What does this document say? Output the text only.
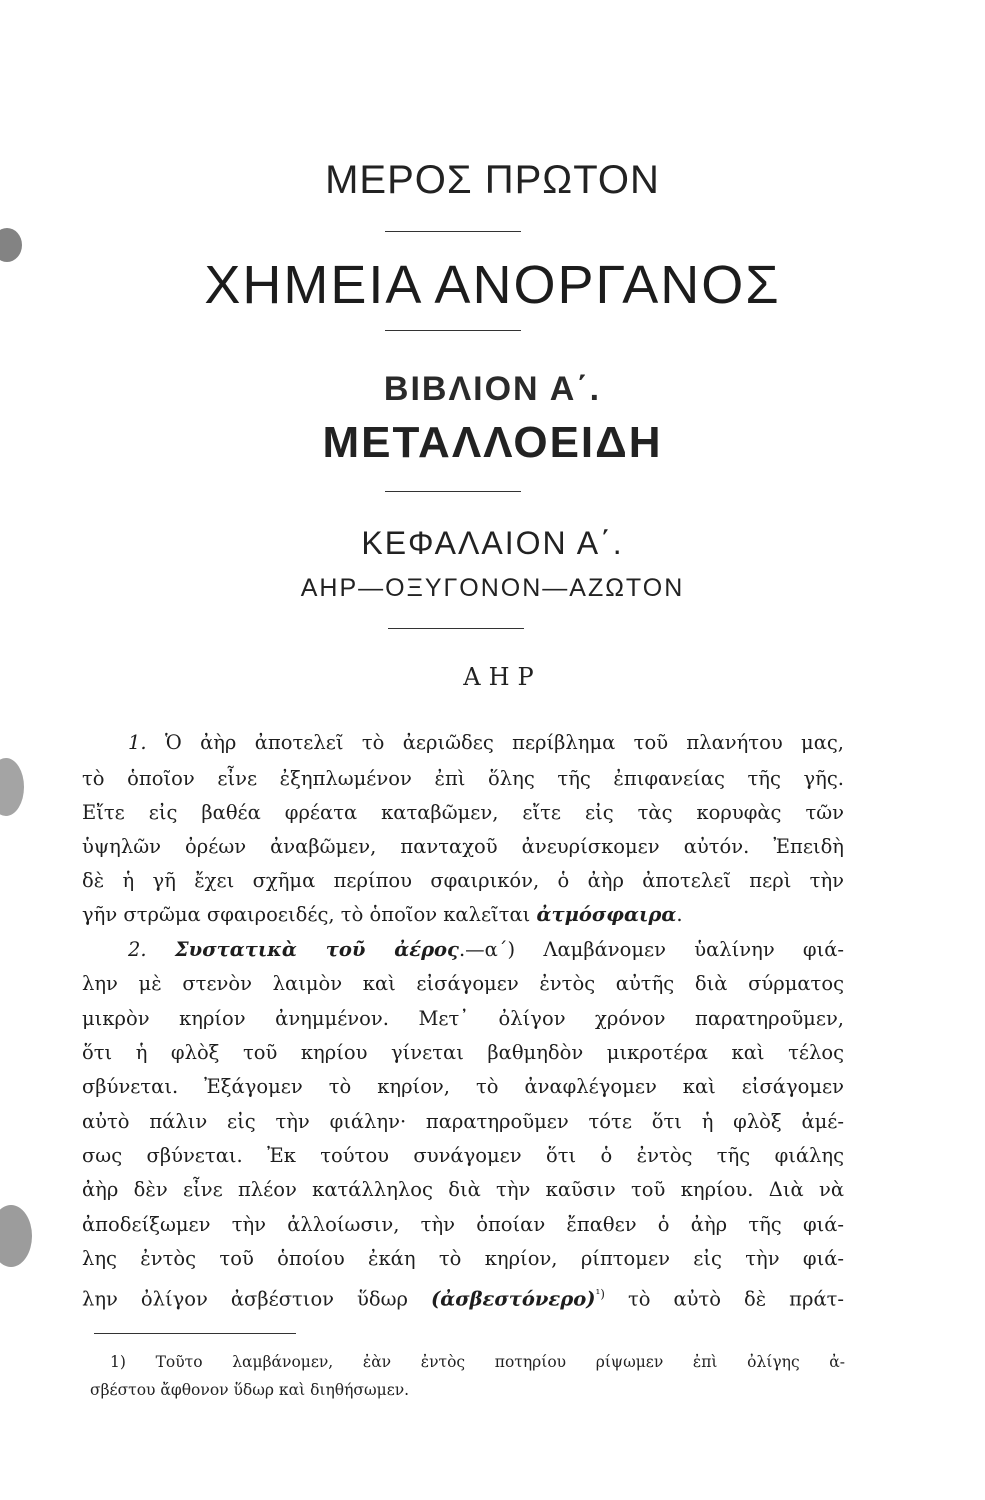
ΜΕΡΟΣ ΠΡΩΤΟΝ
ΧΗΜΕΙΑ ΑΝΟΡΓΑΝΟΣ
ΒΙΒΛΙΟΝ Α΄.
ΜΕΤΑΛΛΟΕΙΔΗ
ΚΕΦΑΛΑΙΟΝ Α΄.
ΑΗΡ—ΟΞΥΓΟΝΟΝ—ΑΖΩΤΟΝ
ΑΗΡ
1. Ὁ ἀὴρ ἀποτελεῖ τὸ ἀεριῶδες περίβλημα τοῦ πλανήτου μας,
τὸ ὁποῖον εἶνε ἐξηπλωμένον ἐπὶ ὅλης τῆς ἐπιφανείας τῆς γῆς.
Εἴτε εἰς βαθέα φρέατα καταβῶμεν, εἴτε εἰς τὰς κορυφὰς τῶν
ὑψηλῶν ὀρέων ἀναβῶμεν, πανταχοῦ ἀνευρίσκομεν αὐτόν. Ἐπειδὴ
δὲ ἡ γῆ ἔχει σχῆμα περίπου σφαιρικόν, ὁ ἀὴρ ἀποτελεῖ περὶ τὴν
γῆν στρῶμα σφαιροειδές, τὸ ὁποῖον καλεῖται ἀτμόσφαιρα.
2. Συστατικὰ τοῦ ἀέρος.—α΄) Λαμβάνομεν ὑαλίνην φιά-
λην μὲ στενὸν λαιμὸν καὶ εἰσάγομεν ἐντὸς αὐτῆς διὰ σύρματος
μικρὸν κηρίον ἀνημμένον. Μετ᾽ ὀλίγον χρόνον παρατηροῦμεν,
ὅτι ἡ φλὸξ τοῦ κηρίου γίνεται βαθμηδὸν μικροτέρα καὶ τέλος
σβύνεται. Ἐξάγομεν τὸ κηρίον, τὸ ἀναφλέγομεν καὶ εἰσάγομεν
αὐτὸ πάλιν εἰς τὴν φιάλην· παρατηροῦμεν τότε ὅτι ἡ φλὸξ ἀμέ-
σως σβύνεται. Ἐκ τούτου συνάγομεν ὅτι ὁ ἐντὸς τῆς φιάλης
ἀὴρ δὲν εἶνε πλέον κατάλληλος διὰ τὴν καῦσιν τοῦ κηρίου. Διὰ νὰ
ἀποδείξωμεν τὴν ἀλλοίωσιν, τὴν ὁποίαν ἔπαθεν ὁ ἀὴρ τῆς φιά-
λης ἐντὸς τοῦ ὁποίου ἐκάη τὸ κηρίον, ρίπτομεν εἰς τὴν φιά-
λην ὀλίγον ἀσβέστιον ὕδωρ (ἀσβεστόνερο)$^{^1)}$ τὸ αὐτὸ δὲ πράτ-
1) Τοῦτο λαμβάνομεν, ἐὰν ἐντὸς ποτηρίου ρίψωμεν ἐπὶ ὀλίγης ἀ-
σβέστου ἄφθονον ὕδωρ καὶ διηθήσωμεν.
